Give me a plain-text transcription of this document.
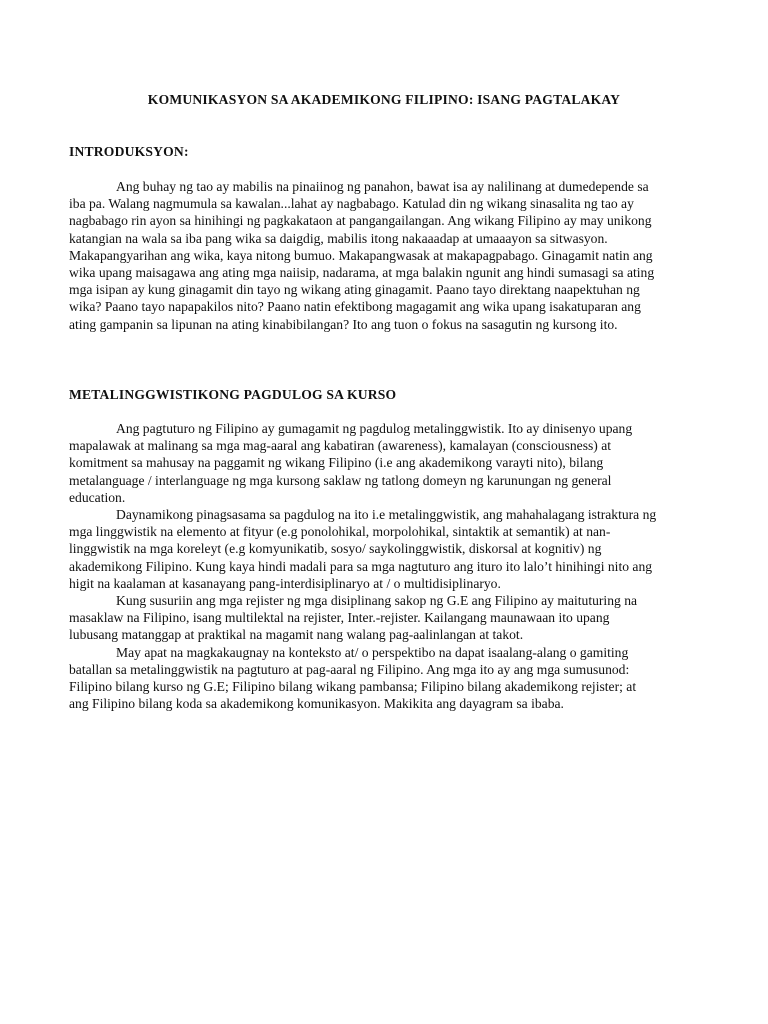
KOMUNIKASYON SA AKADEMIKONG FILIPINO: ISANG PAGTALAKAY
INTRODUKSYON:

Ang buhay ng tao ay mabilis na pinaiinog ng panahon, bawat isa ay nalilinang at dumedepende sa iba pa. Walang nagmumula sa kawalan...lahat ay nagbabago. Katulad din ng wikang sinasalita ng tao ay nagbabago rin ayon sa hinihingi ng pagkakataon at pangangailangan. Ang wikang Filipino ay may unikong katangian na wala sa iba pang wika sa daigdig, mabilis itong nakaaadap at umaaayon sa sitwasyon. Makapangyarihan ang wika, kaya nitong bumuo. Makapangwasak at makapagpabago. Ginagamit natin ang wika upang maisagawa ang ating mga naiisip, nadarama, at mga balakin ngunit ang hindi sumasagi sa ating mga isipan ay kung ginagamit din tayo ng wikang ating ginagamit. Paano tayo direktang naapektuhan ng wika? Paano tayo napapakilos nito? Paano natin efektibong magagamit ang wika upang isakatuparan ang ating gampanin sa lipunan na ating kinabibilangan? Ito ang tuon o fokus na sasagutin ng kursong ito.

METALINGGWISTIKONG PAGDULOG SA KURSO

Ang pagtuturo ng Filipino ay gumagamit ng pagdulog metalinggwistik. Ito ay dinisenyo upang mapalawak at malinang sa mga mag-aaral ang kabatiran (awareness), kamalayan (consciousness) at komitment sa mahusay na paggamit ng wikang Filipino (i.e ang akademikong varayti nito), bilang metalanguage / interlanguage ng mga kursong saklaw ng tatlong domeyn ng karunungan ng general education.

Daynamikong pinagsasama sa pagdulog na ito i.e metalinggwistik, ang mahahalagang istraktura ng mga linggwistik na elemento at fityur (e.g ponolohikal, morpolohikal, sintaktik at semantik) at nan-linggwistik na mga koreleyt (e.g komyunikatib, sosyo/ saykolinggwistik, diskorsal at kognitiv) ng akademikong Filipino. Kung kaya hindi madali para sa mga nagtuturo ang ituro ito lalo’t hinihingi nito ang higit na kaalaman at kasanayang pang-interdisiplinaryo at / o multidisiplinaryo.

Kung susuriin ang mga rejister ng mga disiplinang sakop ng G.E ang Filipino ay maituturing na masaklaw na Filipino, isang multilektal na rejister, Inter.-rejister. Kailangang maunawaan ito upang lubusang matanggap at praktikal na magamit nang walang pag-aalinlangan at takot.

May apat na magkakaugnay na konteksto at/ o perspektibo na dapat isaalang-alang o gamiting batallan sa metalinggwistik na pagtuturo at pag-aaral ng Filipino. Ang mga ito ay ang mga sumusunod: Filipino bilang kurso ng G.E; Filipino bilang wikang pambansa; Filipino bilang akademikong rejister; at ang Filipino bilang koda sa akademikong komunikasyon. Makikita ang dayagram sa ibaba.
